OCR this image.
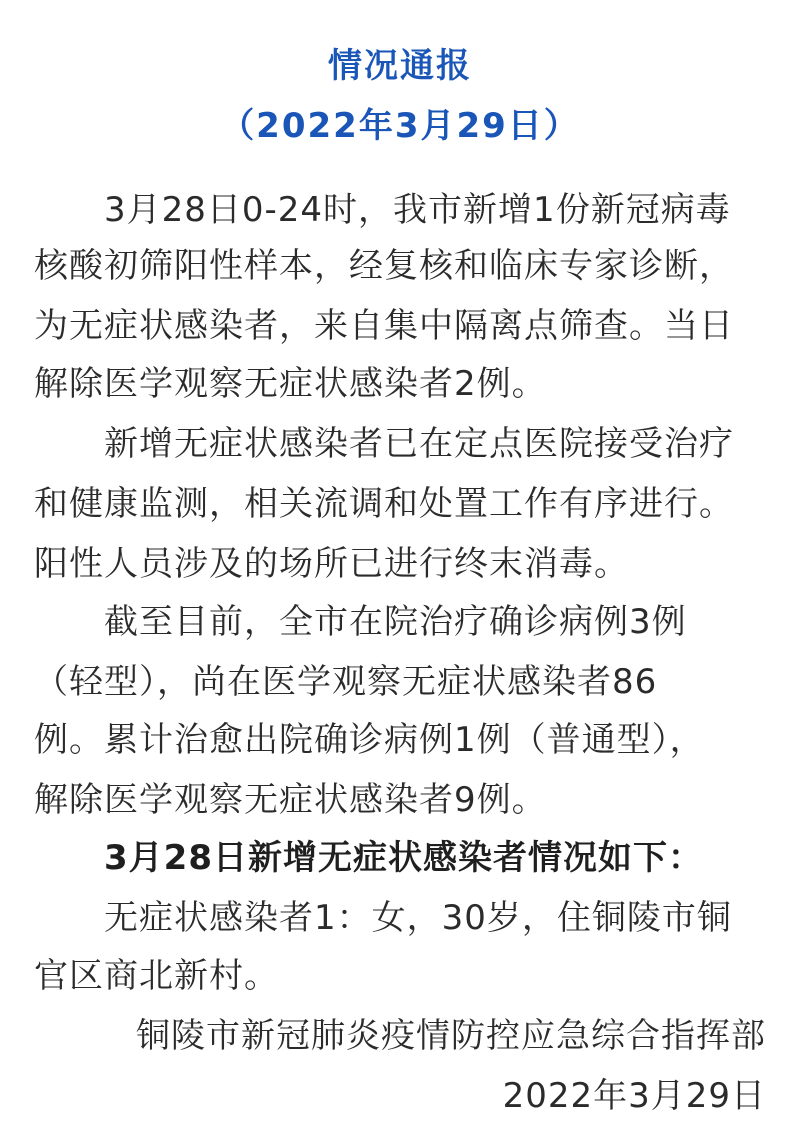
情况通报
（2022年3月29日）
3月28日0-24时，我市新增1份新冠病毒
核酸初筛阳性样本，经复核和临床专家诊断，
为无症状感染者，来自集中隔离点筛查。当日
解除医学观察无症状感染者2例。
新增无症状感染者已在定点医院接受治疗
和健康监测，相关流调和处置工作有序进行。
阳性人员涉及的场所已进行终末消毒。
截至目前，全市在院治疗确诊病例3例
（轻型），尚在医学观察无症状感染者86
例。累计治愈出院确诊病例1例（普通型），
解除医学观察无症状感染者9例。
3月28日新增无症状感染者情况如下：
无症状感染者1：女，30岁，住铜陵市铜
官区商北新村。
铜陵市新冠肺炎疫情防控应急综合指挥部
2022年3月29日
